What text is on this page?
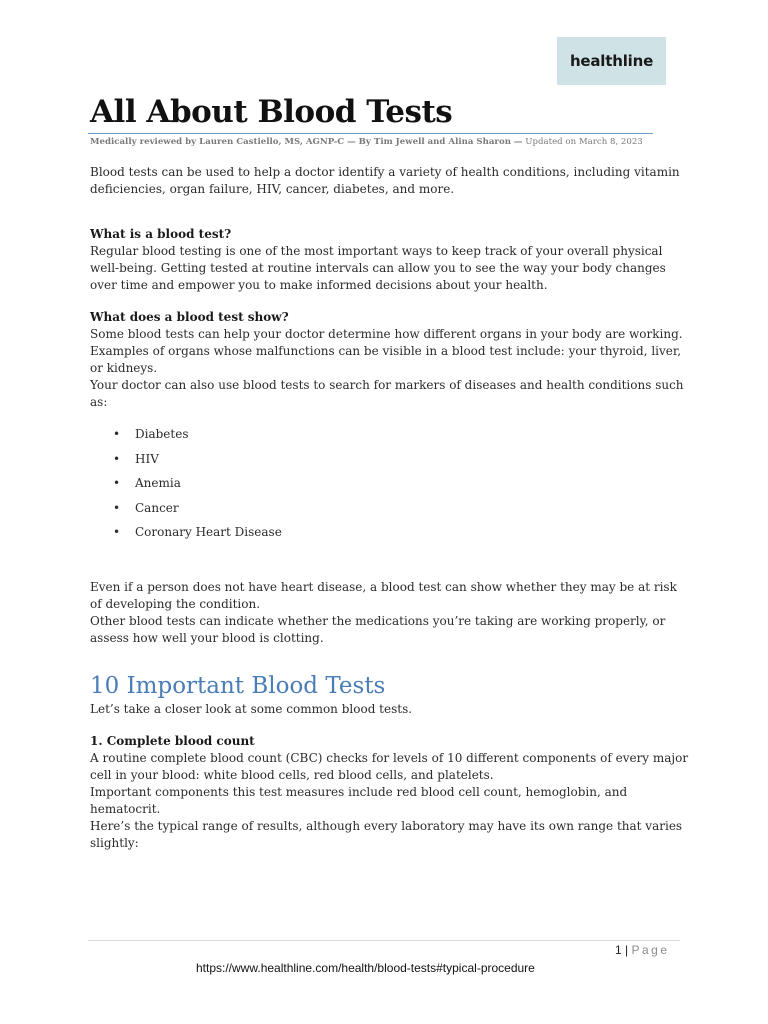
healthline
All About Blood Tests
Medically reviewed by Lauren Castiello, MS, AGNP-C — By Tim Jewell and Alina Sharon — Updated on March 8, 2023

Blood tests can be used to help a doctor identify a variety of health conditions, including vitamin deficiencies, organ failure, HIV, cancer, diabetes, and more.

What is a blood test?

Regular blood testing is one of the most important ways to keep track of your overall physical well-being. Getting tested at routine intervals can allow you to see the way your body changes over time and empower you to make informed decisions about your health.

What does a blood test show?

Some blood tests can help your doctor determine how different organs in your body are working. Examples of organs whose malfunctions can be visible in a blood test include: your thyroid, liver, or kidneys.

Your doctor can also use blood tests to search for markers of diseases and health conditions such as:

• Diabetes
• HIV
• Anemia
• Cancer
• Coronary Heart Disease

Even if a person does not have heart disease, a blood test can show whether they may be at risk of developing the condition.

Other blood tests can indicate whether the medications you’re taking are working properly, or assess how well your blood is clotting.

10 Important Blood Tests

Let’s take a closer look at some common blood tests.

1. Complete blood count

A routine complete blood count (CBC) checks for levels of 10 different components of every major cell in your blood: white blood cells, red blood cells, and platelets.

Important components this test measures include red blood cell count, hemoglobin, and hematocrit.

Here’s the typical range of results, although every laboratory may have its own range that varies slightly:

1 | Page
https://www.healthline.com/health/blood-tests#typical-procedure
